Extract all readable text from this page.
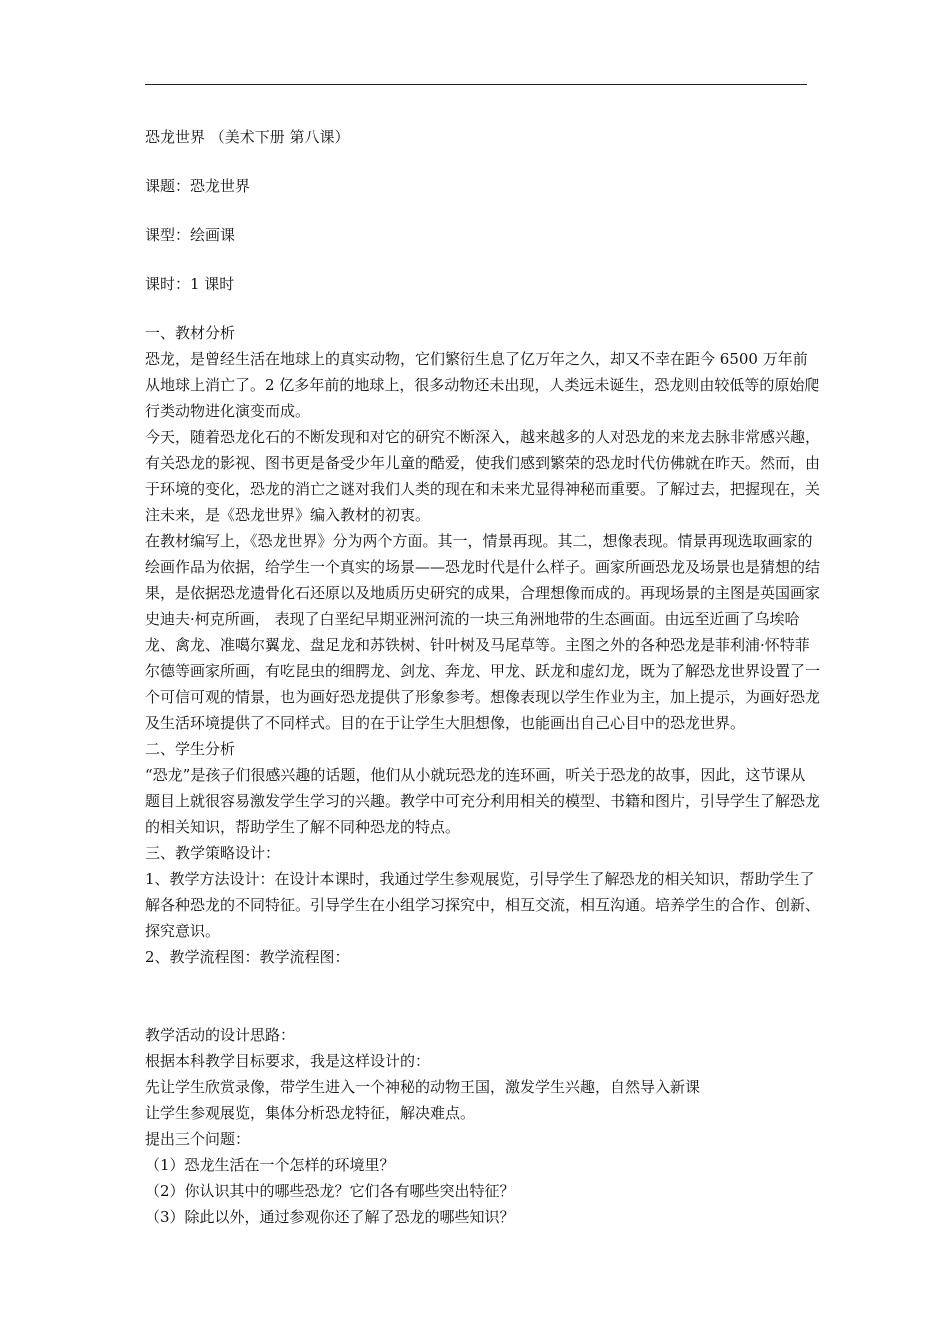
恐龙世界 （美术下册 第八课）

课题：恐龙世界

课型：绘画课

课时：1 课时

一、教材分析

恐龙，是曾经生活在地球上的真实动物，它们繁衍生息了亿万年之久，却又不幸在距今 6500 万年前从地球上消亡了。2 亿多年前的地球上，很多动物还未出现，人类远未诞生，恐龙则由较低等的原始爬行类动物进化演变而成。

今天，随着恐龙化石的不断发现和对它的研究不断深入，越来越多的人对恐龙的来龙去脉非常感兴趣，有关恐龙的影视、图书更是备受少年儿童的酷爱，使我们感到繁荣的恐龙时代仿佛就在昨天。然而，由于环境的变化，恐龙的消亡之谜对我们人类的现在和未来尤显得神秘而重要。了解过去，把握现在，关注未来，是《恐龙世界》编入教材的初衷。

在教材编写上，《恐龙世界》分为两个方面。其一，情景再现。其二，想像表现。情景再现选取画家的绘画作品为依据，给学生一个真实的场景——恐龙时代是什么样子。画家所画恐龙及场景也是猜想的结果，是依据恐龙遗骨化石还原以及地质历史研究的成果，合理想像而成的。再现场景的主图是英国画家史迪夫·柯克所画， 表现了白垩纪早期亚洲河流的一块三角洲地带的生态画面。由远至近画了乌埃哈龙、禽龙、准噶尔翼龙、盘足龙和苏铁树、针叶树及马尾草等。主图之外的各种恐龙是菲利浦·怀特菲尔德等画家所画，有吃昆虫的细腭龙、剑龙、奔龙、甲龙、跃龙和虚幻龙，既为了解恐龙世界设置了一个可信可观的情景，也为画好恐龙提供了形象参考。想像表现以学生作业为主，加上提示，为画好恐龙及生活环境提供了不同样式。目的在于让学生大胆想像，也能画出自己心目中的恐龙世界。

二、学生分析

“恐龙”是孩子们很感兴趣的话题，他们从小就玩恐龙的连环画，听关于恐龙的故事，因此，这节课从题目上就很容易激发学生学习的兴趣。教学中可充分利用相关的模型、书籍和图片，引导学生了解恐龙的相关知识，帮助学生了解不同种恐龙的特点。

三、教学策略设计：

1、教学方法设计：在设计本课时，我通过学生参观展览，引导学生了解恐龙的相关知识，帮助学生了解各种恐龙的不同特征。引导学生在小组学习探究中，相互交流，相互沟通。培养学生的合作、创新、探究意识。

2、教学流程图：教学流程图：

教学活动的设计思路：

根据本科教学目标要求，我是这样设计的：

先让学生欣赏录像，带学生进入一个神秘的动物王国，激发学生兴趣，自然导入新课

让学生参观展览，集体分析恐龙特征，解决难点。

提出三个问题：

（1）恐龙生活在一个怎样的环境里？

（2）你认识其中的哪些恐龙？它们各有哪些突出特征？

（3）除此以外，通过参观你还了解了恐龙的哪些知识？
